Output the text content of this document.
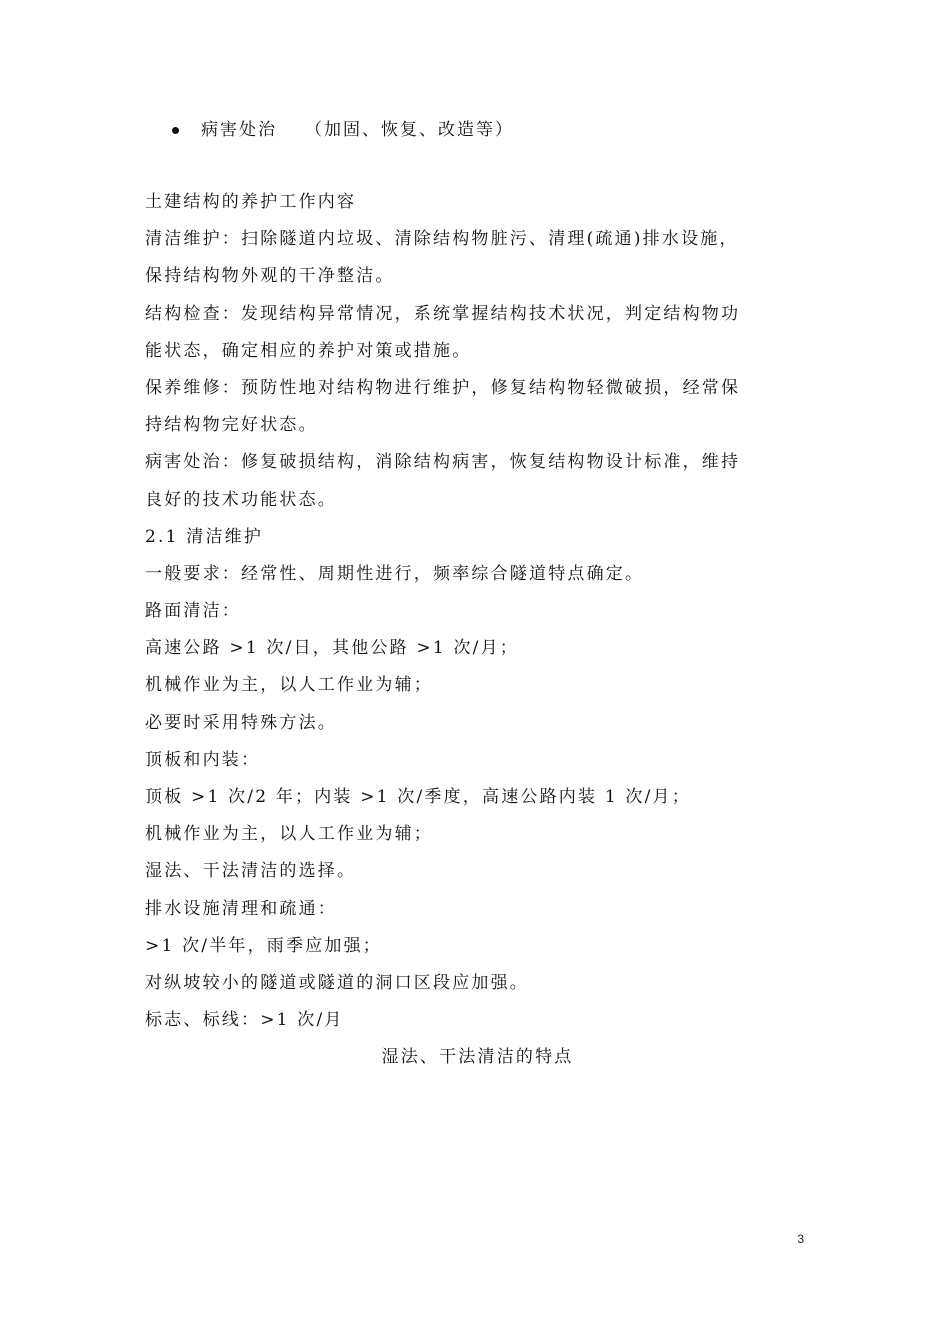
病害处治 （加固、恢复、改造等）
土建结构的养护工作内容
清洁维护：扫除隧道内垃圾、清除结构物脏污、清理(疏通)排水设施，
保持结构物外观的干净整洁。
结构检查：发现结构异常情况，系统掌握结构技术状况，判定结构物功
能状态，确定相应的养护对策或措施。
保养维修：预防性地对结构物进行维护，修复结构物轻微破损，经常保
持结构物完好状态。
病害处治：修复破损结构，消除结构病害，恢复结构物设计标准，维持
良好的技术功能状态。
2.1 清洁维护
一般要求：经常性、周期性进行，频率综合隧道特点确定。
路面清洁：
高速公路 >1 次/日，其他公路 >1 次/月；
机械作业为主，以人工作业为辅；
必要时采用特殊方法。
顶板和内装：
顶板 >1 次/2 年；内装 >1 次/季度，高速公路内装 1 次/月；
机械作业为主，以人工作业为辅；
湿法、干法清洁的选择。
排水设施清理和疏通：
>1 次/半年，雨季应加强；
对纵坡较小的隧道或隧道的洞口区段应加强。
标志、标线：>1 次/月
湿法、干法清洁的特点
3
